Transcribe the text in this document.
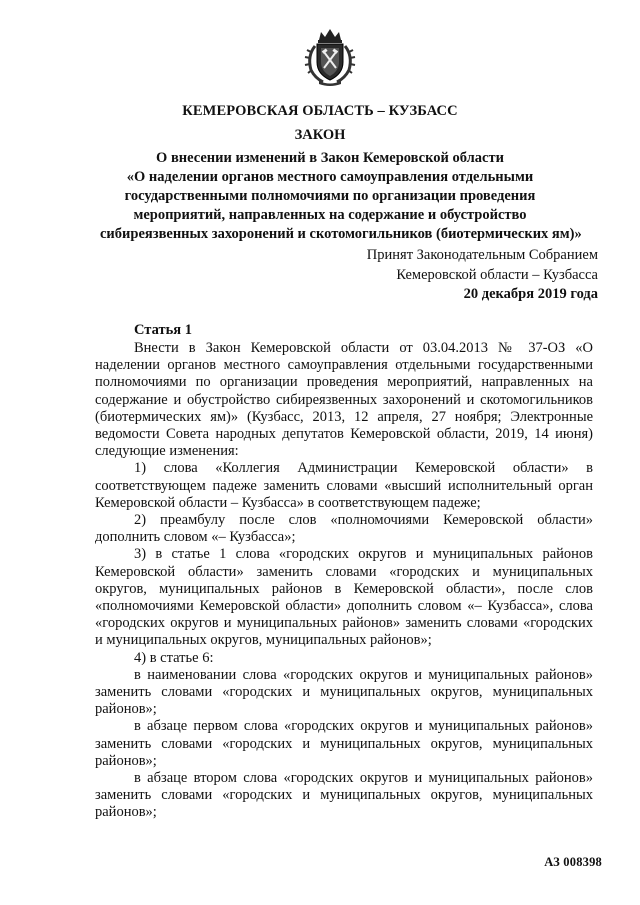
КЕМЕРОВСКАЯ ОБЛАСТЬ – КУЗБАСС
ЗАКОН
О внесении изменений в Закон Кемеровской области
«О наделении органов местного самоуправления отдельными
государственными полномочиями по организации проведения
мероприятий, направленных на содержание и обустройство
сибиреязвенных захоронений и скотомогильников (биотермических ям)»
Принят Законодательным Собранием
Кемеровской области – Кузбасса
20 декабря 2019 года
Статья 1

Внести в Закон Кемеровской области от 03.04.2013 № 37-ОЗ «О наделении органов местного самоуправления отдельными государственными полномочиями по организации проведения мероприятий, направленных на содержание и обустройство сибиреязвенных захоронений и скотомогильников (биотермических ям)» (Кузбасс, 2013, 12 апреля, 27 ноября; Электронные ведомости Совета народных депутатов Кемеровской области, 2019, 14 июня) следующие изменения:

1) слова «Коллегия Администрации Кемеровской области» в соответствующем падеже заменить словами «высший исполнительный орган Кемеровской области – Кузбасса» в соответствующем падеже;

2) преамбулу после слов «полномочиями Кемеровской области» дополнить словом «– Кузбасса»;

3) в статье 1 слова «городских округов и муниципальных районов Кемеровской области» заменить словами «городских и муниципальных округов, муниципальных районов в Кемеровской области», после слов «полномочиями Кемеровской области» дополнить словом «– Кузбасса», слова «городских округов и муниципальных районов» заменить словами «городских и муниципальных округов, муниципальных районов»;

4) в статье 6:

в наименовании слова «городских округов и муниципальных районов» заменить словами «городских и муниципальных округов, муниципальных районов»;

в абзаце первом слова «городских округов и муниципальных районов» заменить словами «городских и муниципальных округов, муниципальных районов»;

в абзаце втором слова «городских округов и муниципальных районов» заменить словами «городских и муниципальных округов, муниципальных районов»;

АЗ 008398
